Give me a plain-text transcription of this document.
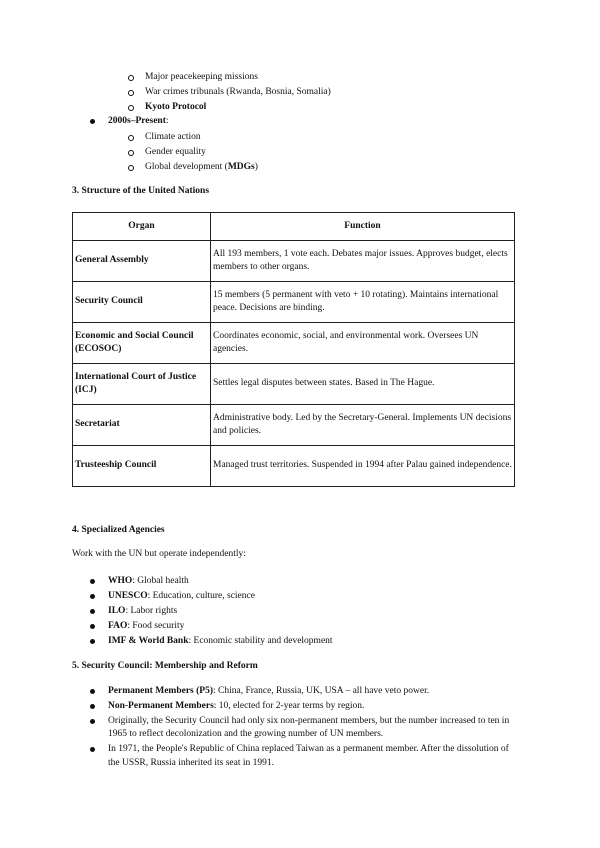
Major peacekeeping missions
War crimes tribunals (Rwanda, Bosnia, Somalia)
Kyoto Protocol
2000s–Present:
Climate action
Gender equality
Global development (MDGs)
3. Structure of the United Nations
Organ	Function
General Assembly	All 193 members, 1 vote each. Debates major issues. Approves budget, elects members to other organs.
Security Council	15 members (5 permanent with veto + 10 rotating). Maintains international peace. Decisions are binding.
Economic and Social Council (ECOSOC)	Coordinates economic, social, and environmental work. Oversees UN agencies.
International Court of Justice (ICJ)	Settles legal disputes between states. Based in The Hague.
Secretariat	Administrative body. Led by the Secretary-General. Implements UN decisions and policies.
Trusteeship Council	Managed trust territories. Suspended in 1994 after Palau gained independence.
4. Specialized Agencies
Work with the UN but operate independently:
WHO: Global health
UNESCO: Education, culture, science
ILO: Labor rights
FAO: Food security
IMF & World Bank: Economic stability and development
5. Security Council: Membership and Reform
Permanent Members (P5): China, France, Russia, UK, USA – all have veto power.
Non-Permanent Members: 10, elected for 2-year terms by region.
Originally, the Security Council had only six non-permanent members, but the number increased to ten in 1965 to reflect decolonization and the growing number of UN members.
In 1971, the People's Republic of China replaced Taiwan as a permanent member. After the dissolution of the USSR, Russia inherited its seat in 1991.
